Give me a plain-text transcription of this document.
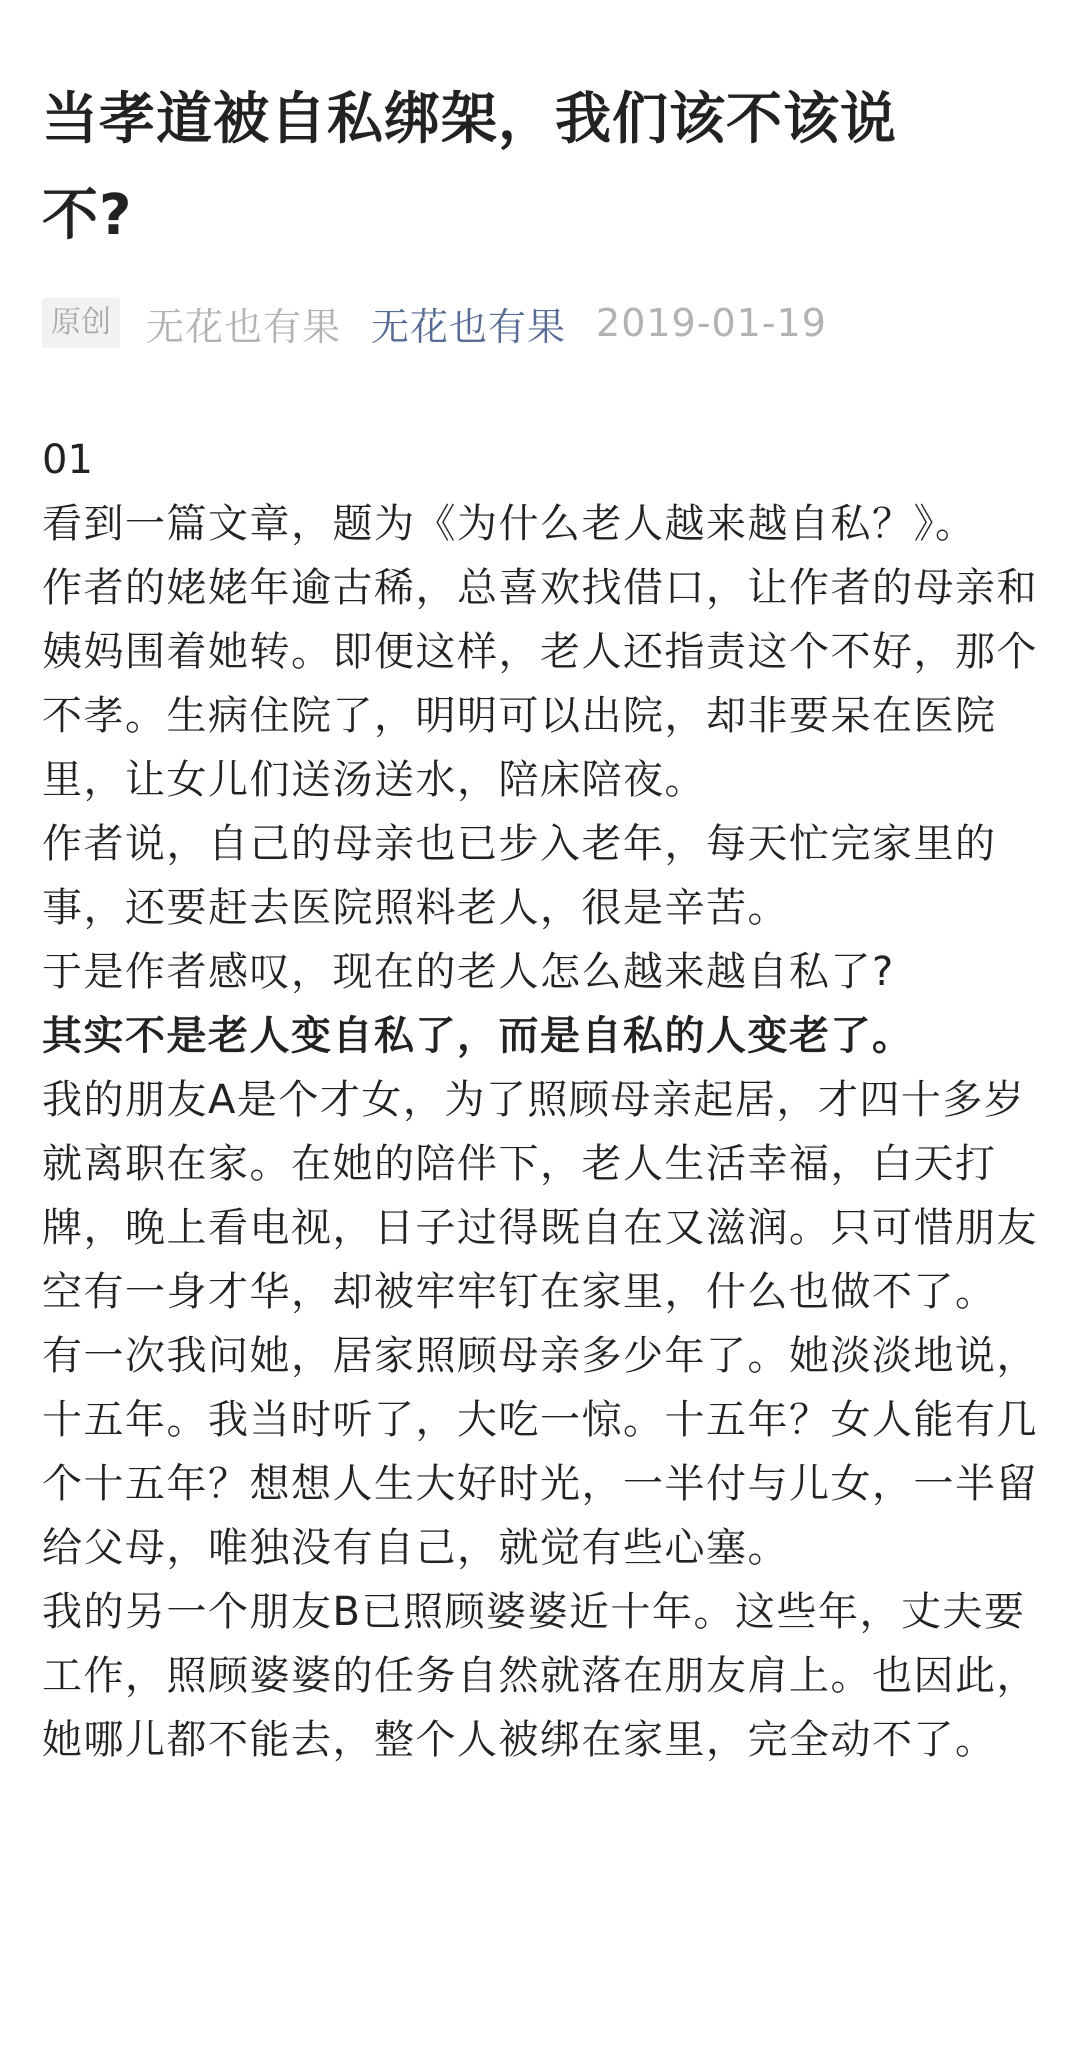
当孝道被自私绑架，我们该不该说不?
原创 无花也有果 无花也有果 2019-01-19

01

看到一篇文章，题为《为什么老人越来越自私？》。

作者的姥姥年逾古稀，总喜欢找借口，让作者的母亲和姨妈围着她转。即便这样，老人还指责这个不好，那个不孝。生病住院了，明明可以出院，却非要呆在医院里，让女儿们送汤送水，陪床陪夜。

作者说，自己的母亲也已步入老年，每天忙完家里的事，还要赶去医院照料老人，很是辛苦。

于是作者感叹，现在的老人怎么越来越自私了?

其实不是老人变自私了，而是自私的人变老了。

我的朋友A是个才女，为了照顾母亲起居，才四十多岁就离职在家。在她的陪伴下，老人生活幸福，白天打牌，晚上看电视，日子过得既自在又滋润。只可惜朋友空有一身才华，却被牢牢钉在家里，什么也做不了。

有一次我问她，居家照顾母亲多少年了。她淡淡地说，十五年。我当时听了，大吃一惊。十五年？女人能有几个十五年？想想人生大好时光，一半付与儿女，一半留给父母，唯独没有自己，就觉有些心塞。

我的另一个朋友B已照顾婆婆近十年。这些年，丈夫要工作，照顾婆婆的任务自然就落在朋友肩上。也因此，她哪儿都不能去，整个人被绑在家里，完全动不了。
